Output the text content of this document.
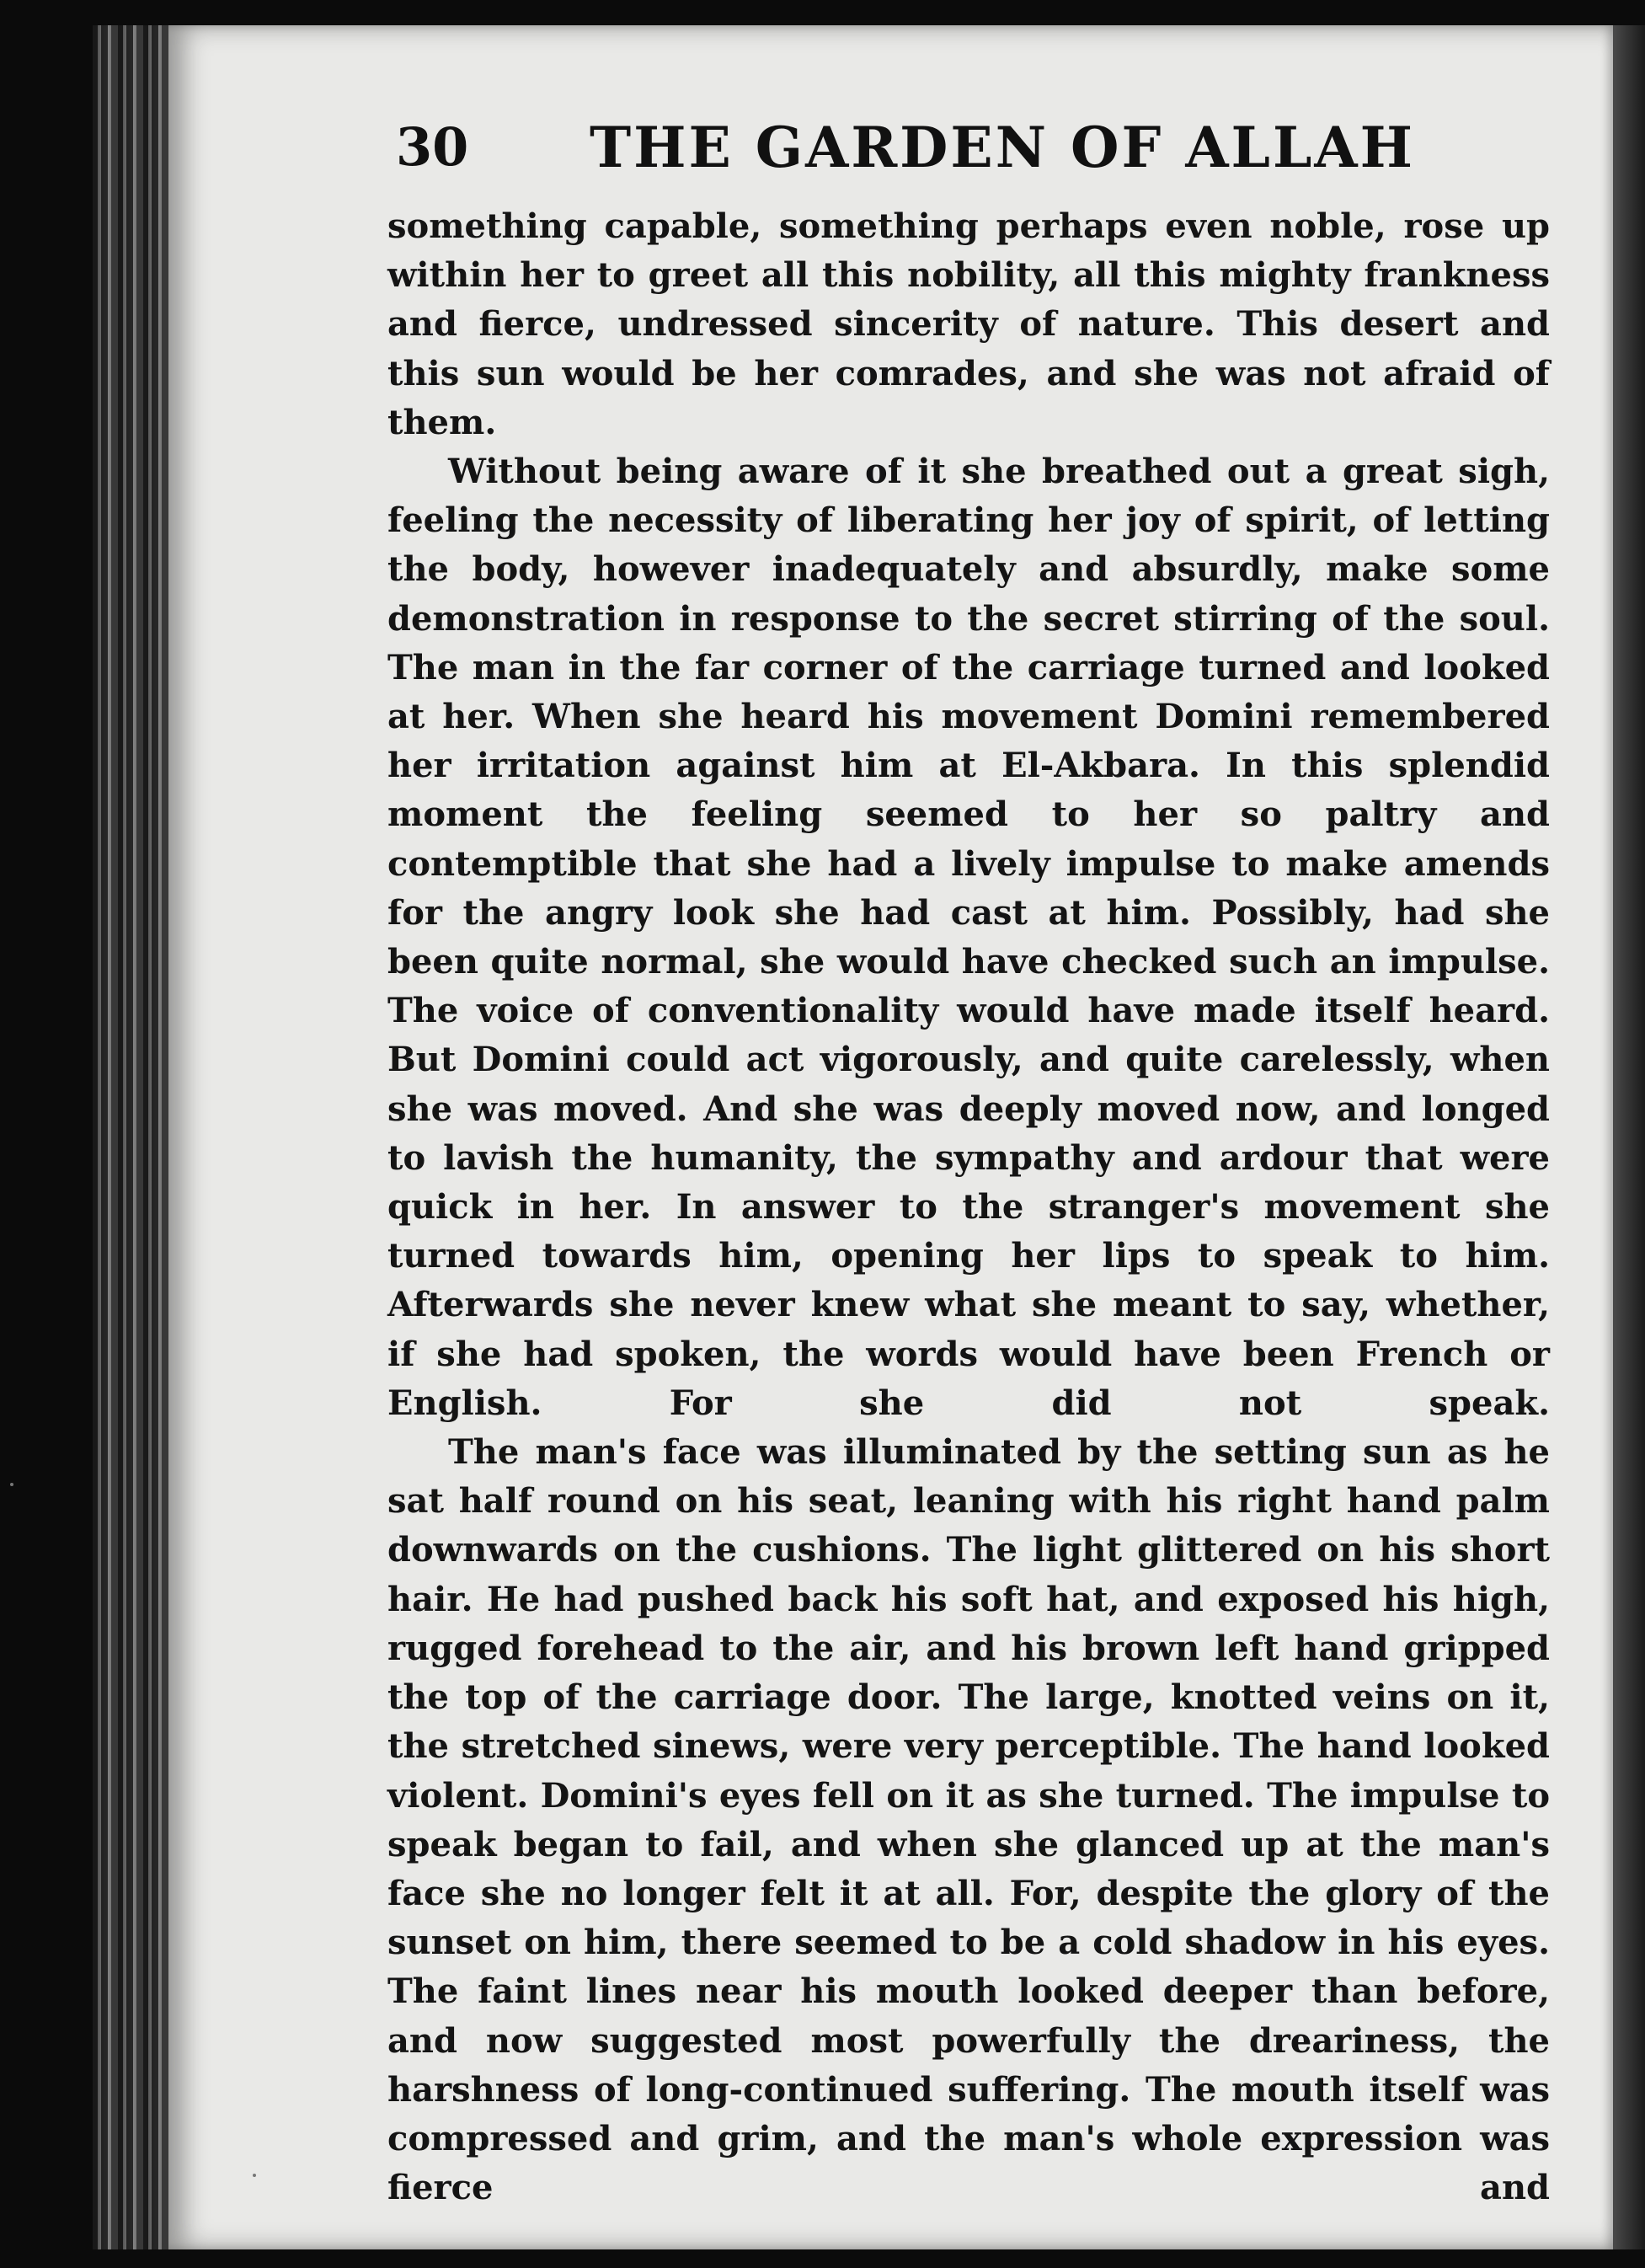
30 THE GARDEN OF ALLAH

something capable, something perhaps even noble, rose up within her to greet all this nobility, all this mighty frankness and fierce, undressed sincerity of nature. This desert and this sun would be her comrades, and she was not afraid of them.

Without being aware of it she breathed out a great sigh, feeling the necessity of liberating her joy of spirit, of letting the body, however inadequately and absurdly, make some demonstration in response to the secret stirring of the soul. The man in the far corner of the carriage turned and looked at her. When she heard his movement Domini remembered her irritation against him at El-Akbara. In this splendid moment the feeling seemed to her so paltry and contemptible that she had a lively impulse to make amends for the angry look she had cast at him. Possibly, had she been quite normal, she would have checked such an impulse. The voice of conventionality would have made itself heard. But Domini could act vigorously, and quite carelessly, when she was moved. And she was deeply moved now, and longed to lavish the humanity, the sympathy and ardour that were quick in her. In answer to the stranger's movement she turned towards him, opening her lips to speak to him. Afterwards she never knew what she meant to say, whether, if she had spoken, the words would have been French or English. For she did not speak.

The man's face was illuminated by the setting sun as he sat half round on his seat, leaning with his right hand palm downwards on the cushions. The light glittered on his short hair. He had pushed back his soft hat, and exposed his high, rugged forehead to the air, and his brown left hand gripped the top of the carriage door. The large, knotted veins on it, the stretched sinews, were very perceptible. The hand looked violent. Domini's eyes fell on it as she turned. The impulse to speak began to fail, and when she glanced up at the man's face she no longer felt it at all. For, despite the glory of the sunset on him, there seemed to be a cold shadow in his eyes. The faint lines near his mouth looked deeper than before, and now suggested most powerfully the dreariness, the harshness of long-continued suffering. The mouth itself was compressed and grim, and the man's whole expression was fierce and
